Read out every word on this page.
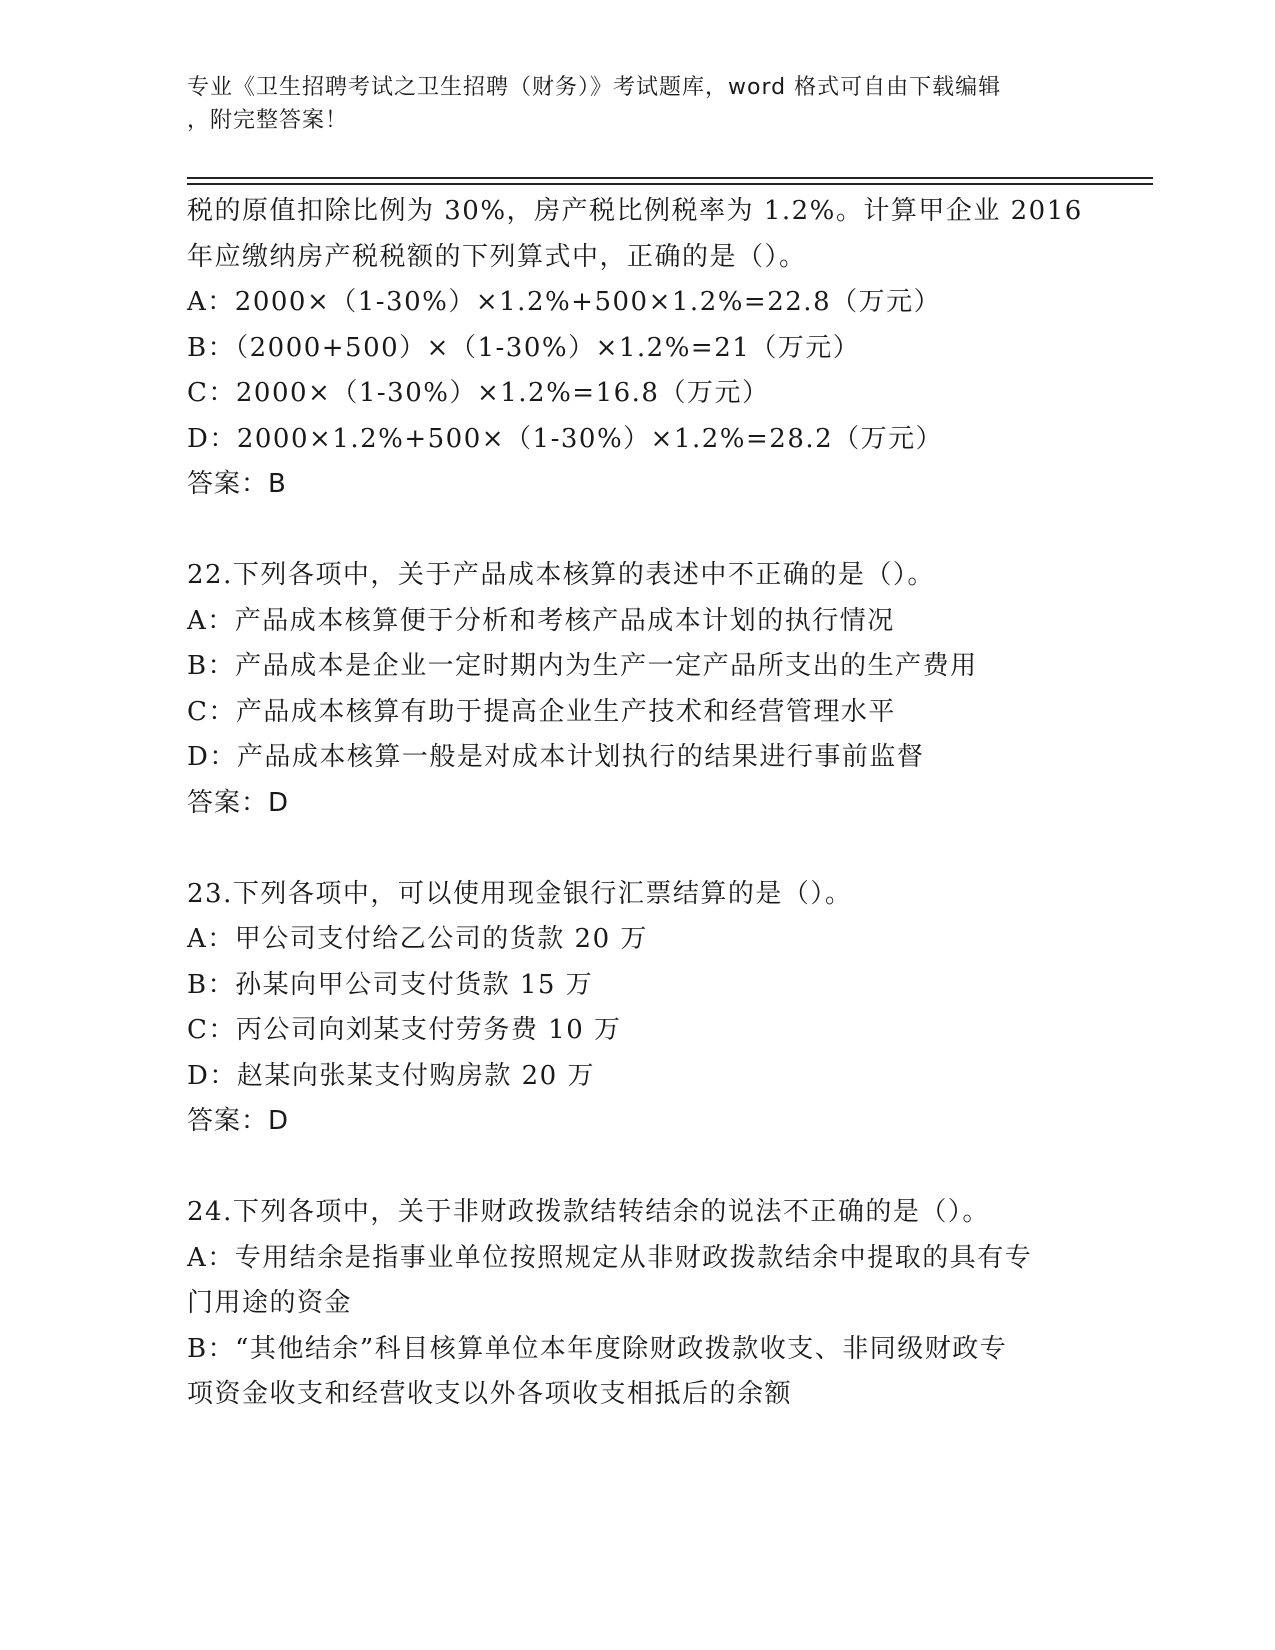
专业《卫生招聘考试之卫生招聘（财务）》考试题库，word 格式可自由下载编辑
，附完整答案！
税的原值扣除比例为 30%，房产税比例税率为 1.2%。计算甲企业 2016
年应缴纳房产税税额的下列算式中，正确的是（）。
A：2000×（1-30%）×1.2%+500×1.2%=22.8（万元）
B：（2000+500）×（1-30%）×1.2%=21（万元）
C：2000×（1-30%）×1.2%=16.8（万元）
D：2000×1.2%+500×（1-30%）×1.2%=28.2（万元）
答案：B
22.下列各项中，关于产品成本核算的表述中不正确的是（）。
A：产品成本核算便于分析和考核产品成本计划的执行情况
B：产品成本是企业一定时期内为生产一定产品所支出的生产费用
C：产品成本核算有助于提高企业生产技术和经营管理水平
D：产品成本核算一般是对成本计划执行的结果进行事前监督
答案：D
23.下列各项中，可以使用现金银行汇票结算的是（）。
A：甲公司支付给乙公司的货款 20 万
B：孙某向甲公司支付货款 15 万
C：丙公司向刘某支付劳务费 10 万
D：赵某向张某支付购房款 20 万
答案：D
24.下列各项中，关于非财政拨款结转结余的说法不正确的是（）。
A：专用结余是指事业单位按照规定从非财政拨款结余中提取的具有专
门用途的资金
B：“其他结余”科目核算单位本年度除财政拨款收支、非同级财政专
项资金收支和经营收支以外各项收支相抵后的余额
